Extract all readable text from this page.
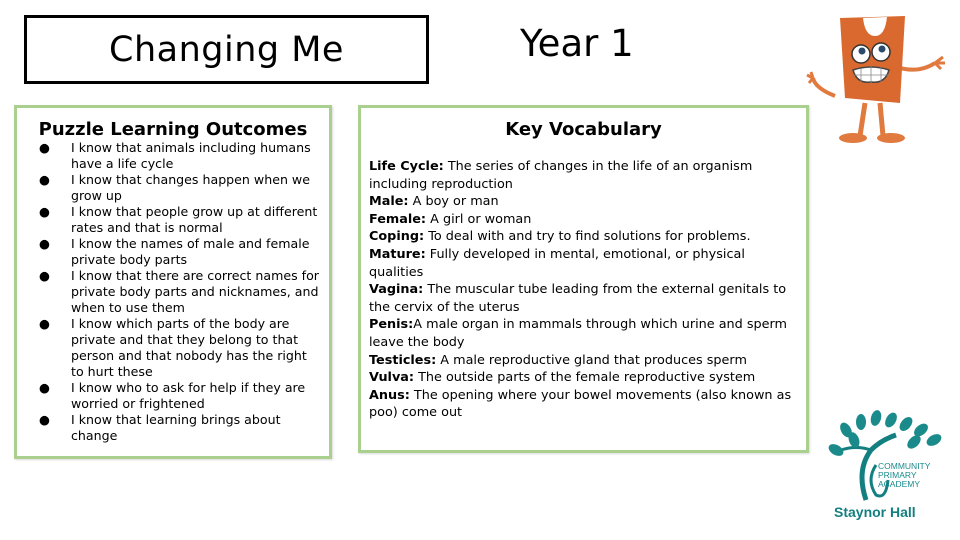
Changing Me	Year 1
Puzzle Learning Outcomes
● I know that animals including humans have a life cycle
● I know that changes happen when we grow up
● I know that people grow up at different rates and that is normal
● I know the names of male and female private body parts
● I know that there are correct names for private body parts and nicknames, and when to use them
● I know which parts of the body are private and that they belong to that person and that nobody has the right to hurt these
● I know who to ask for help if they are worried or frightened
● I know that learning brings about change
Key Vocabulary
Life Cycle: The series of changes in the life of an organism including reproduction
Male: A boy or man
Female: A girl or woman
Coping: To deal with and try to find solutions for problems.
Mature: Fully developed in mental, emotional, or physical qualities
Vagina: The muscular tube leading from the external genitals to the cervix of the uterus
Penis:A male organ in mammals through which urine and sperm leave the body
Testicles: A male reproductive gland that produces sperm
Vulva: The outside parts of the female reproductive system
Anus: The opening where your bowel movements (also known as poo) come out
COMMUNITY
PRIMARY
ACADEMY
Staynor Hall
